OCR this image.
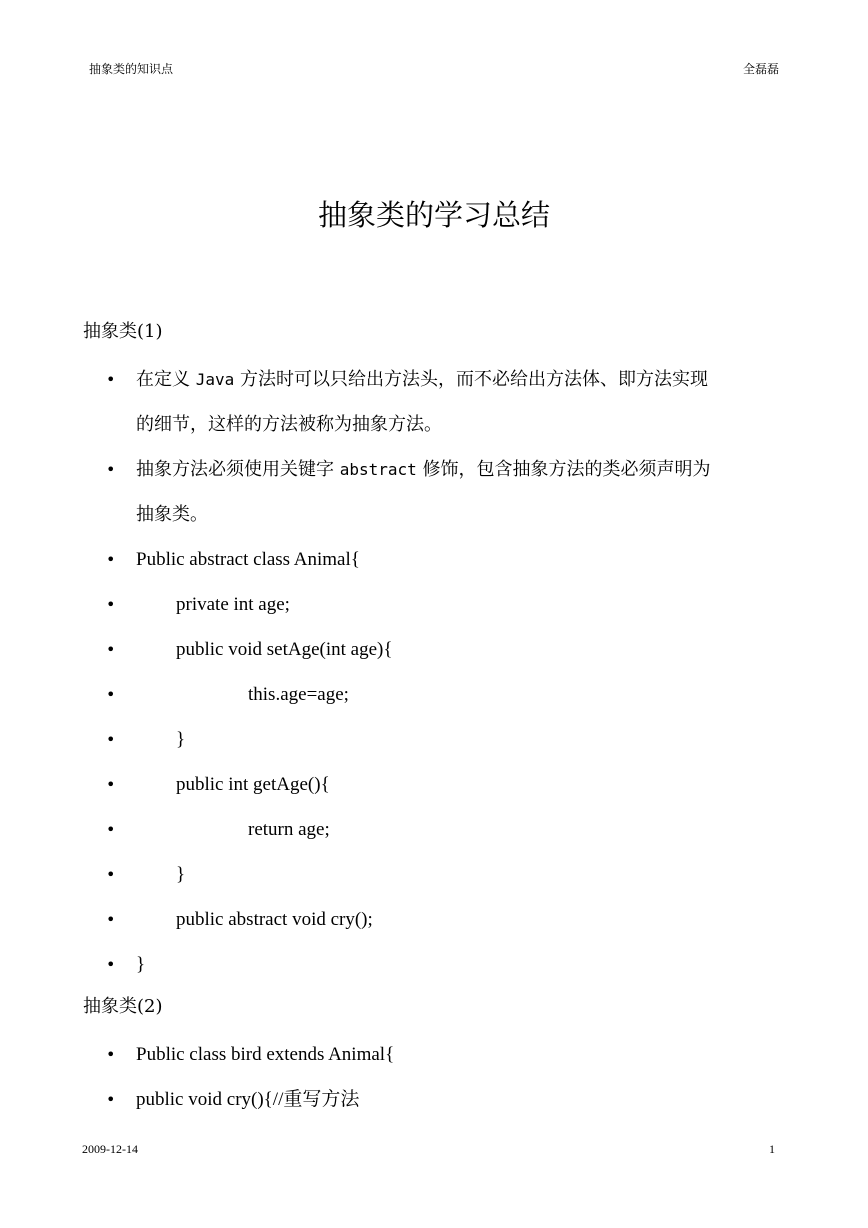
抽象类的知识点	全磊磊
抽象类的学习总结
抽象类(1)
• 在定义 Java 方法时可以只给出方法头，而不必给出方法体、即方法实现
的细节，这样的方法被称为抽象方法。
• 抽象方法必须使用关键字 abstract 修饰，包含抽象方法的类必须声明为
抽象类。
• Public abstract class Animal{
•	private int age;
•	public void setAge(int age){
•	this.age=age;
•	}
•	public int getAge(){
•	return age;
•	}
•	public abstract void cry();
• }
抽象类(2)
• Public class bird extends Animal{
• public void cry(){//重写方法
2009-12-14	1
